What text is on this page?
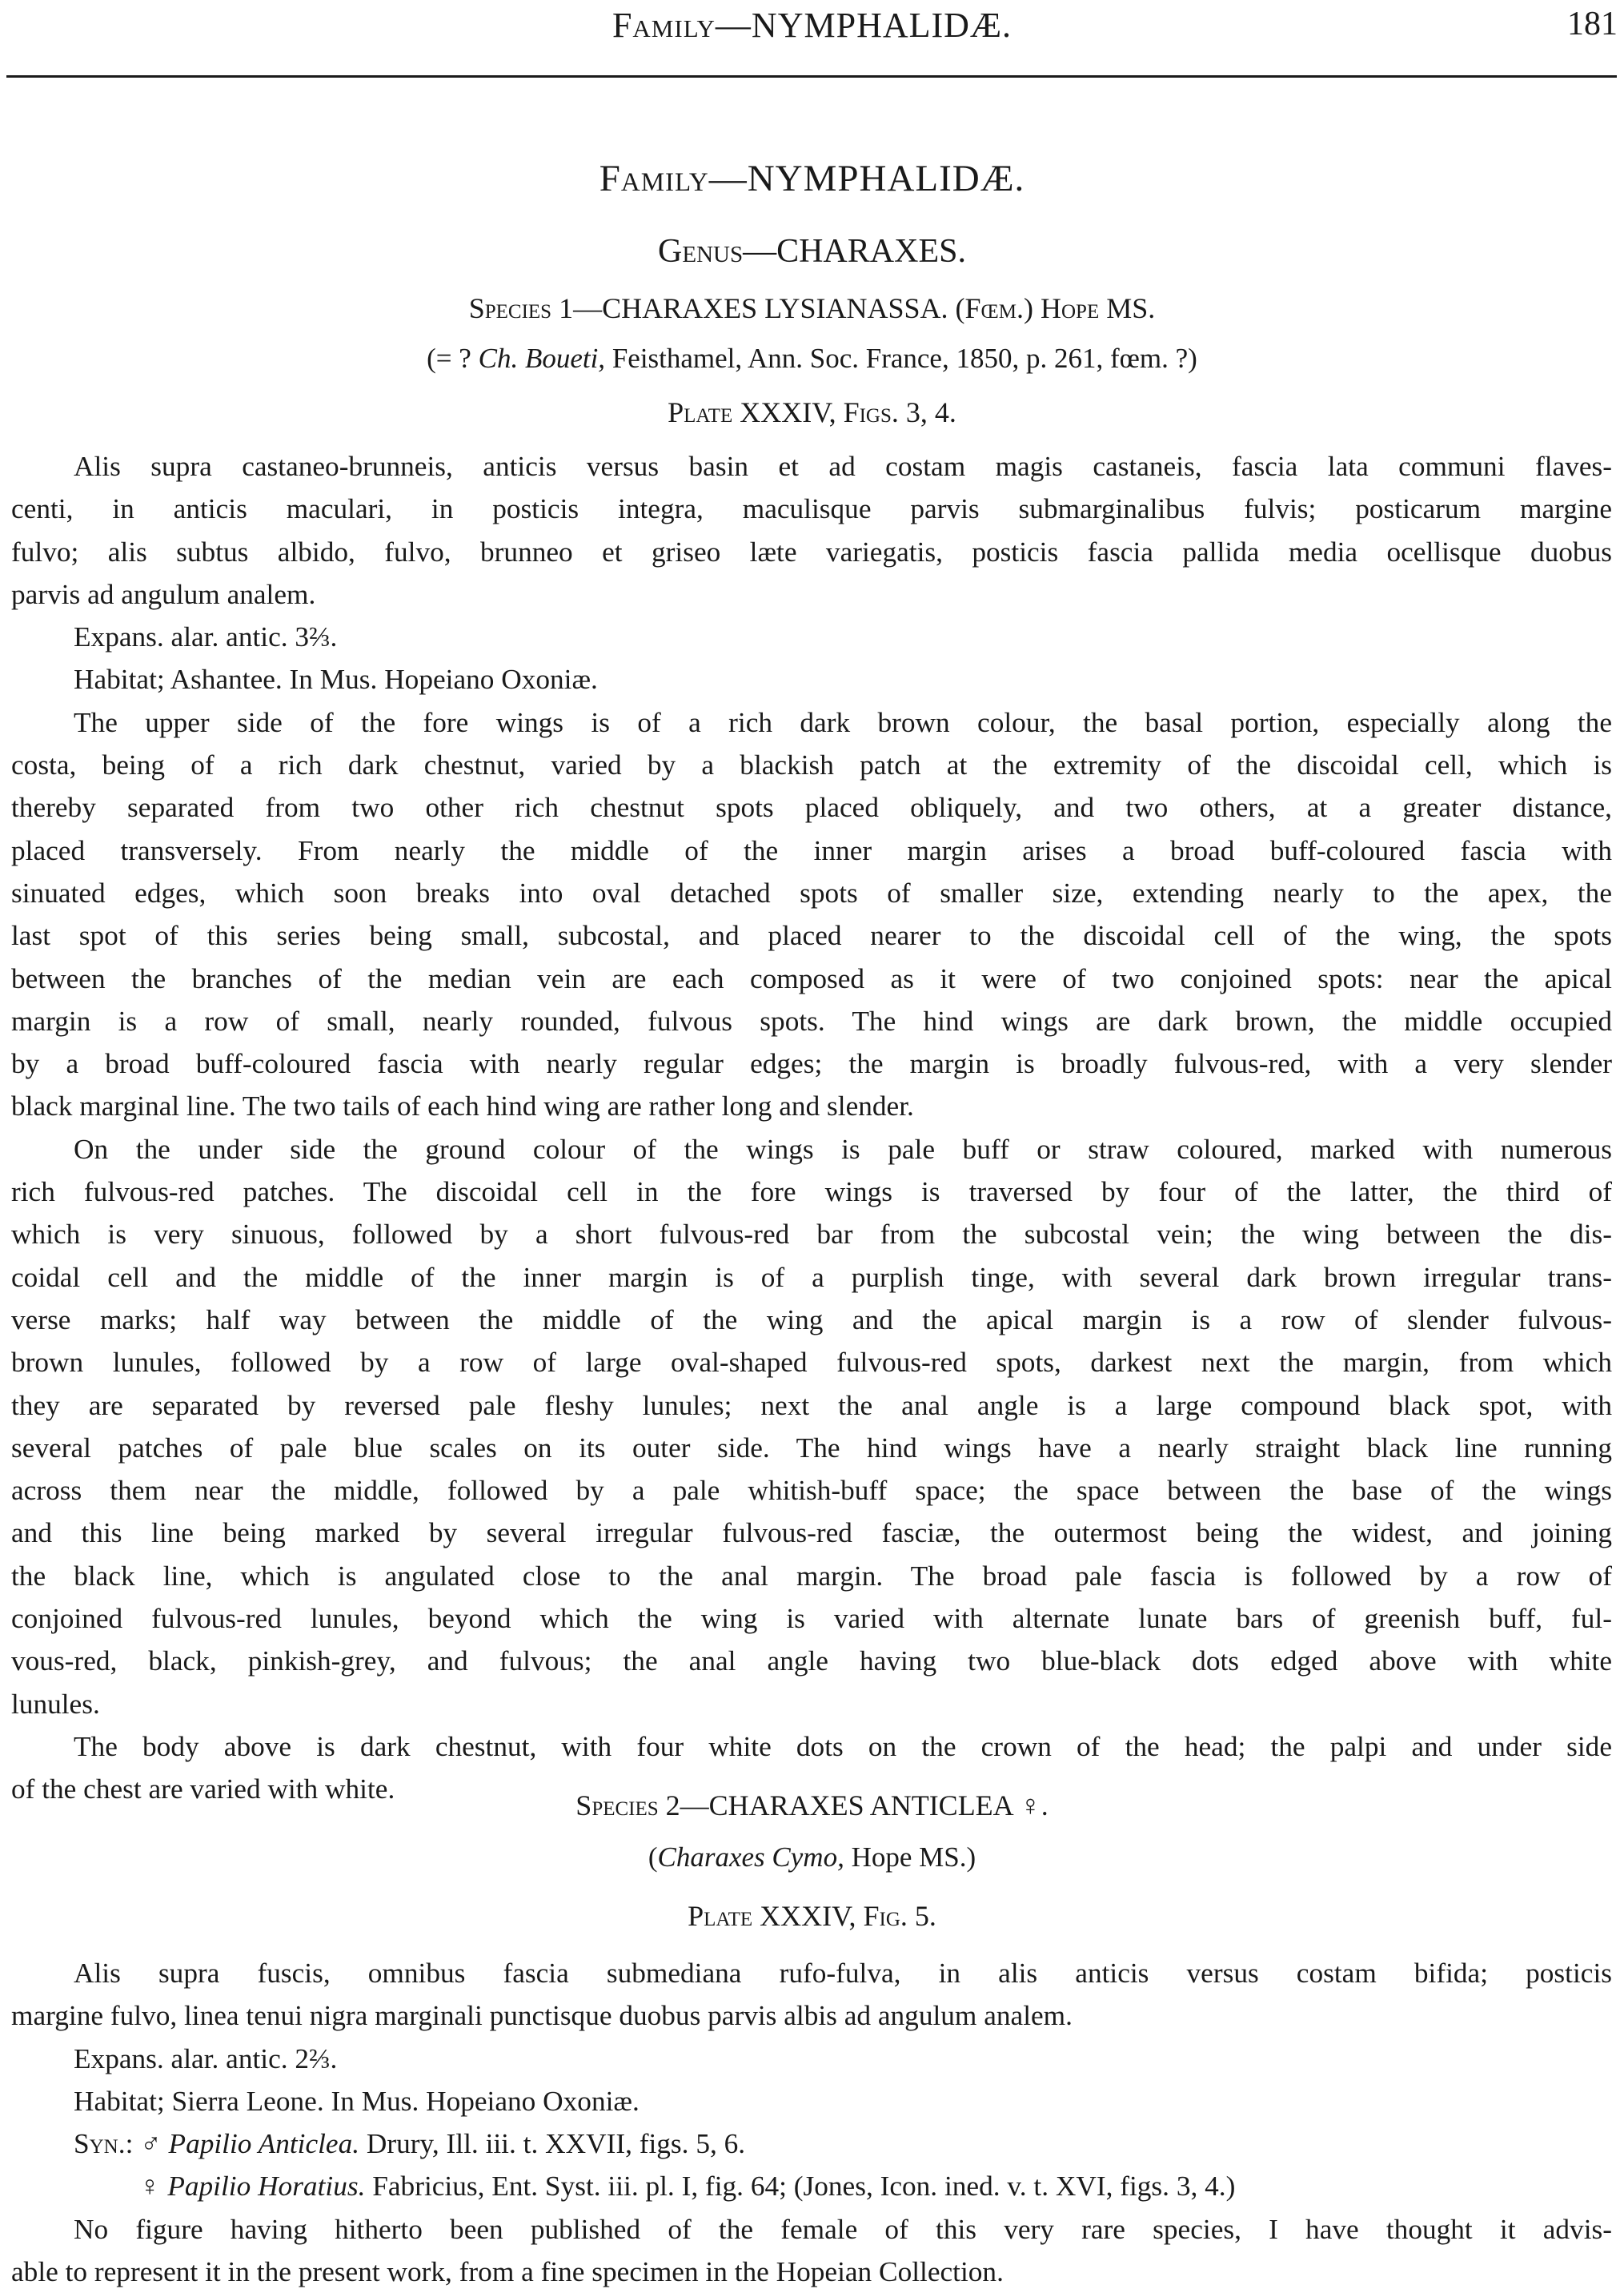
Family—NYMPHALIDÆ.	181
Family—NYMPHALIDÆ.
Genus—CHARAXES.
Species 1—CHARAXES LYSIANASSA. (Fœm.) Hope MS.
(= ? Ch. Boueti, Feisthamel, Ann. Soc. France, 1850, p. 261, fœm. ?)
Plate XXXIV, Figs. 3, 4.
Alis supra castaneo-brunneis, anticis versus basin et ad costam magis castaneis, fascia lata communi flaves-
centi, in anticis maculari, in posticis integra, maculisque parvis submarginalibus fulvis; posticarum margine
fulvo; alis subtus albido, fulvo, brunneo et griseo læte variegatis, posticis fascia pallida media ocellisque duobus
parvis ad angulum analem.
Expans. alar. antic. 3⅔.
Habitat; Ashantee. In Mus. Hopeiano Oxoniæ.
The upper side of the fore wings is of a rich dark brown colour, the basal portion, especially along the
costa, being of a rich dark chestnut, varied by a blackish patch at the extremity of the discoidal cell, which is
thereby separated from two other rich chestnut spots placed obliquely, and two others, at a greater distance,
placed transversely. From nearly the middle of the inner margin arises a broad buff-coloured fascia with
sinuated edges, which soon breaks into oval detached spots of smaller size, extending nearly to the apex, the
last spot of this series being small, subcostal, and placed nearer to the discoidal cell of the wing, the spots
between the branches of the median vein are each composed as it were of two conjoined spots: near the apical
margin is a row of small, nearly rounded, fulvous spots. The hind wings are dark brown, the middle occupied
by a broad buff-coloured fascia with nearly regular edges; the margin is broadly fulvous-red, with a very slender
black marginal line. The two tails of each hind wing are rather long and slender.
On the under side the ground colour of the wings is pale buff or straw coloured, marked with numerous
rich fulvous-red patches. The discoidal cell in the fore wings is traversed by four of the latter, the third of
which is very sinuous, followed by a short fulvous-red bar from the subcostal vein; the wing between the dis-
coidal cell and the middle of the inner margin is of a purplish tinge, with several dark brown irregular trans-
verse marks; half way between the middle of the wing and the apical margin is a row of slender fulvous-
brown lunules, followed by a row of large oval-shaped fulvous-red spots, darkest next the margin, from which
they are separated by reversed pale fleshy lunules; next the anal angle is a large compound black spot, with
several patches of pale blue scales on its outer side. The hind wings have a nearly straight black line running
across them near the middle, followed by a pale whitish-buff space; the space between the base of the wings
and this line being marked by several irregular fulvous-red fasciæ, the outermost being the widest, and joining
the black line, which is angulated close to the anal margin. The broad pale fascia is followed by a row of
conjoined fulvous-red lunules, beyond which the wing is varied with alternate lunate bars of greenish buff, ful-
vous-red, black, pinkish-grey, and fulvous; the anal angle having two blue-black dots edged above with white
lunules.
The body above is dark chestnut, with four white dots on the crown of the head; the palpi and under side
of the chest are varied with white.
Species 2—CHARAXES ANTICLEA ♀.
(Charaxes Cymo, Hope MS.)
Plate XXXIV, Fig. 5.
Alis supra fuscis, omnibus fascia submediana rufo-fulva, in alis anticis versus costam bifida; posticis
margine fulvo, linea tenui nigra marginali punctisque duobus parvis albis ad angulum analem.
Expans. alar. antic. 2⅔.
Habitat; Sierra Leone. In Mus. Hopeiano Oxoniæ.
Syn.: ♂ Papilio Anticlea. Drury, Ill. iii. t. XXVII, figs. 5, 6.
♀ Papilio Horatius. Fabricius, Ent. Syst. iii. pl. I, fig. 64; (Jones, Icon. ined. v. t. XVI, figs. 3, 4.)
No figure having hitherto been published of the female of this very rare species, I have thought it advis-
able to represent it in the present work, from a fine specimen in the Hopeian Collection.
